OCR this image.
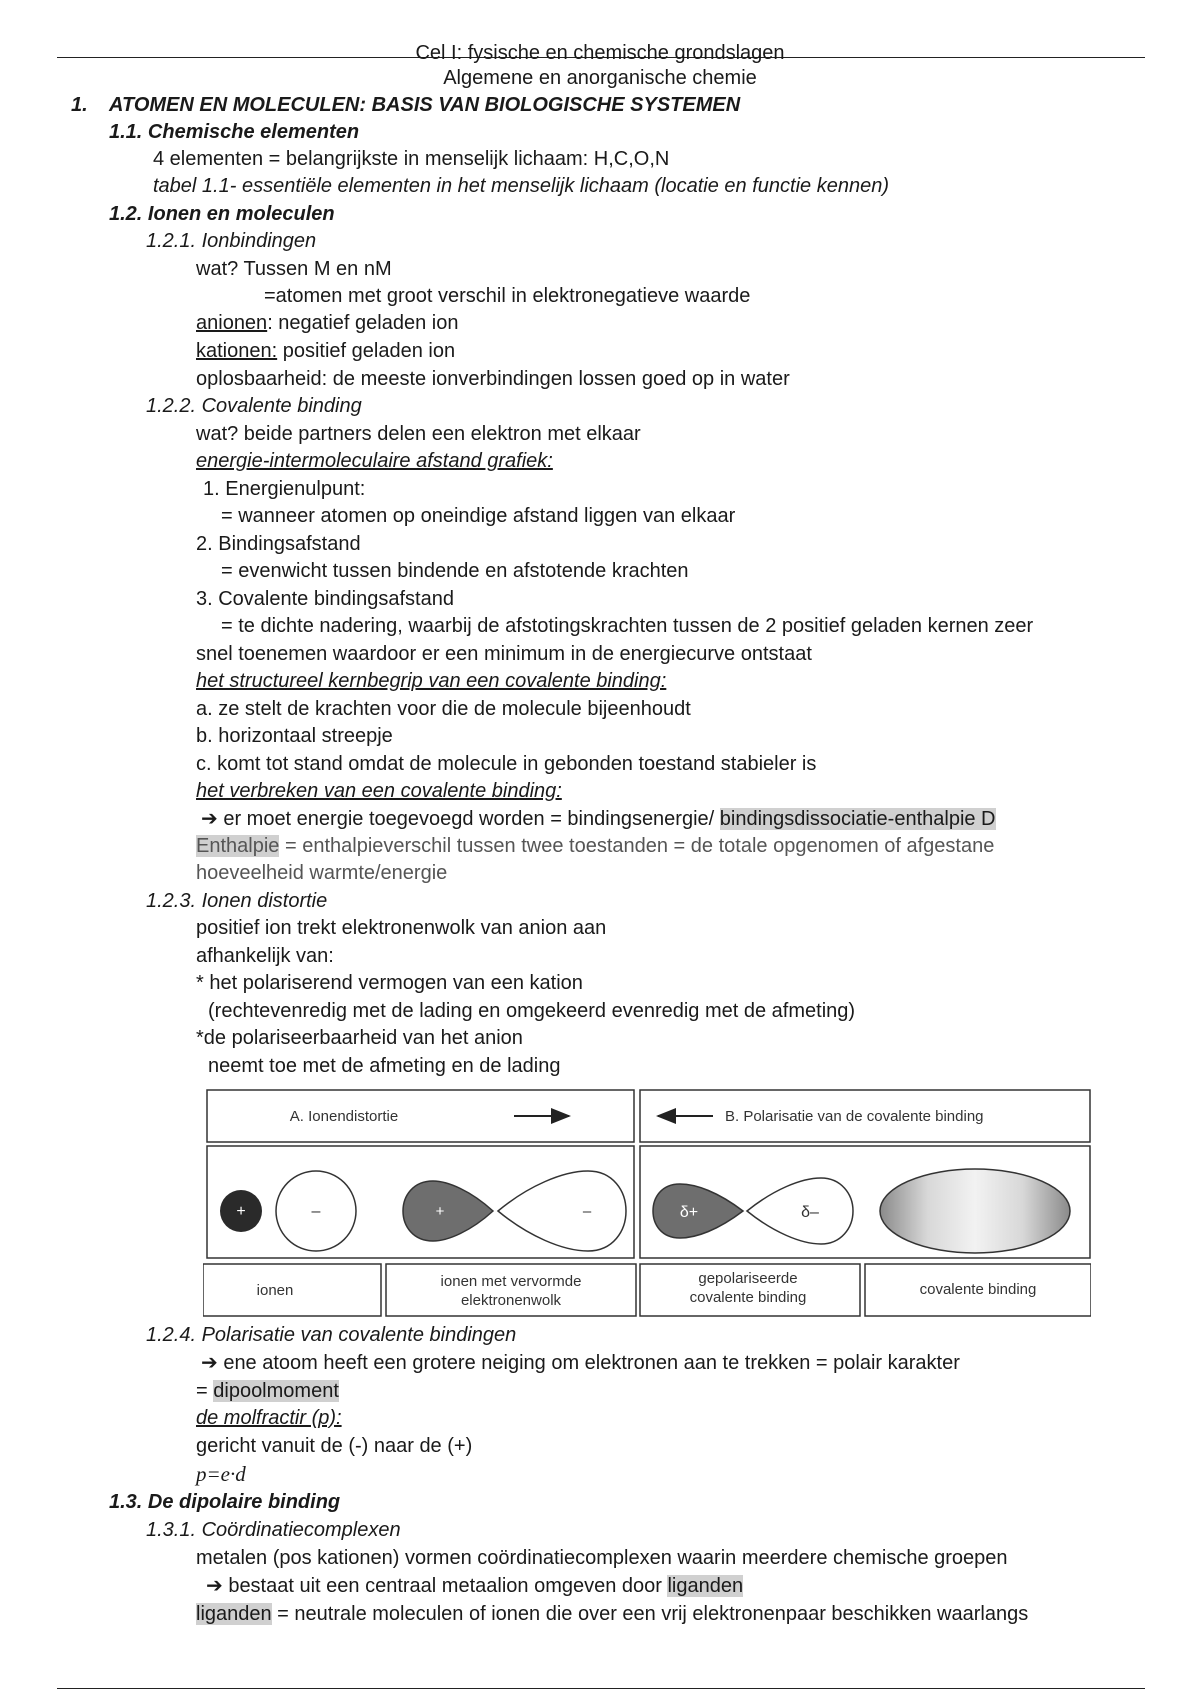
Cel I: fysische en chemische grondslagen
Algemene en anorganische chemie
1. ATOMEN EN MOLECULEN: BASIS VAN BIOLOGISCHE SYSTEMEN
1.1. Chemische elementen
4 elementen = belangrijkste in menselijk lichaam: H,C,O,N
tabel 1.1- essentiële elementen in het menselijk lichaam (locatie en functie kennen)
1.2. Ionen en moleculen
1.2.1. Ionbindingen
wat? Tussen M en nM
=atomen met groot verschil in elektronegatieve waarde
anionen: negatief geladen ion
kationen: positief geladen ion
oplosbaarheid: de meeste ionverbindingen lossen goed op in water
1.2.2. Covalente binding
wat? beide partners delen een elektron met elkaar
energie-intermoleculaire afstand grafiek:
1. Energienulpunt:
= wanneer atomen op oneindige afstand liggen van elkaar
2. Bindingsafstand
= evenwicht tussen bindende en afstotende krachten
3. Covalente bindingsafstand
= te dichte nadering, waarbij de afstotingskrachten tussen de 2 positief geladen kernen zeer
snel toenemen waardoor er een minimum in de energiecurve ontstaat
het structureel kernbegrip van een covalente binding:
a. ze stelt de krachten voor die de molecule bijeenhoudt
b. horizontaal streepje
c. komt tot stand omdat de molecule in gebonden toestand stabieler is
het verbreken van een covalente binding:
➔ er moet energie toegevoegd worden = bindingsenergie/ bindingsdissociatie-enthalpie D
Enthalpie = enthalpieverschil tussen twee toestanden = de totale opgenomen of afgestane
hoeveelheid warmte/energie
1.2.3. Ionen distortie
positief ion trekt elektronenwolk van anion aan
afhankelijk van:
* het polariserend vermogen van een kation
(rechtevenredig met de lading en omgekeerd evenredig met de afmeting)
*de polariseerbaarheid van het anion
neemt toe met de afmeting en de lading
A. Ionendistortie	B. Polarisatie van de covalente binding
+	–	+	–	δ+	δ–
ionen
ionen met vervormde
elektronenwolk
gepolariseerde
covalente binding	covalente binding
1.2.4. Polarisatie van covalente bindingen
➔ ene atoom heeft een grotere neiging om elektronen aan te trekken = polair karakter
= dipoolmoment
de molfractir (p):
gericht vanuit de (-) naar de (+)
p=e·d
1.3. De dipolaire binding
1.3.1. Coördinatiecomplexen
metalen (pos kationen) vormen coördinatiecomplexen waarin meerdere chemische groepen
➔ bestaat uit een centraal metaalion omgeven door liganden
liganden = neutrale moleculen of ionen die over een vrij elektronenpaar beschikken waarlangs
